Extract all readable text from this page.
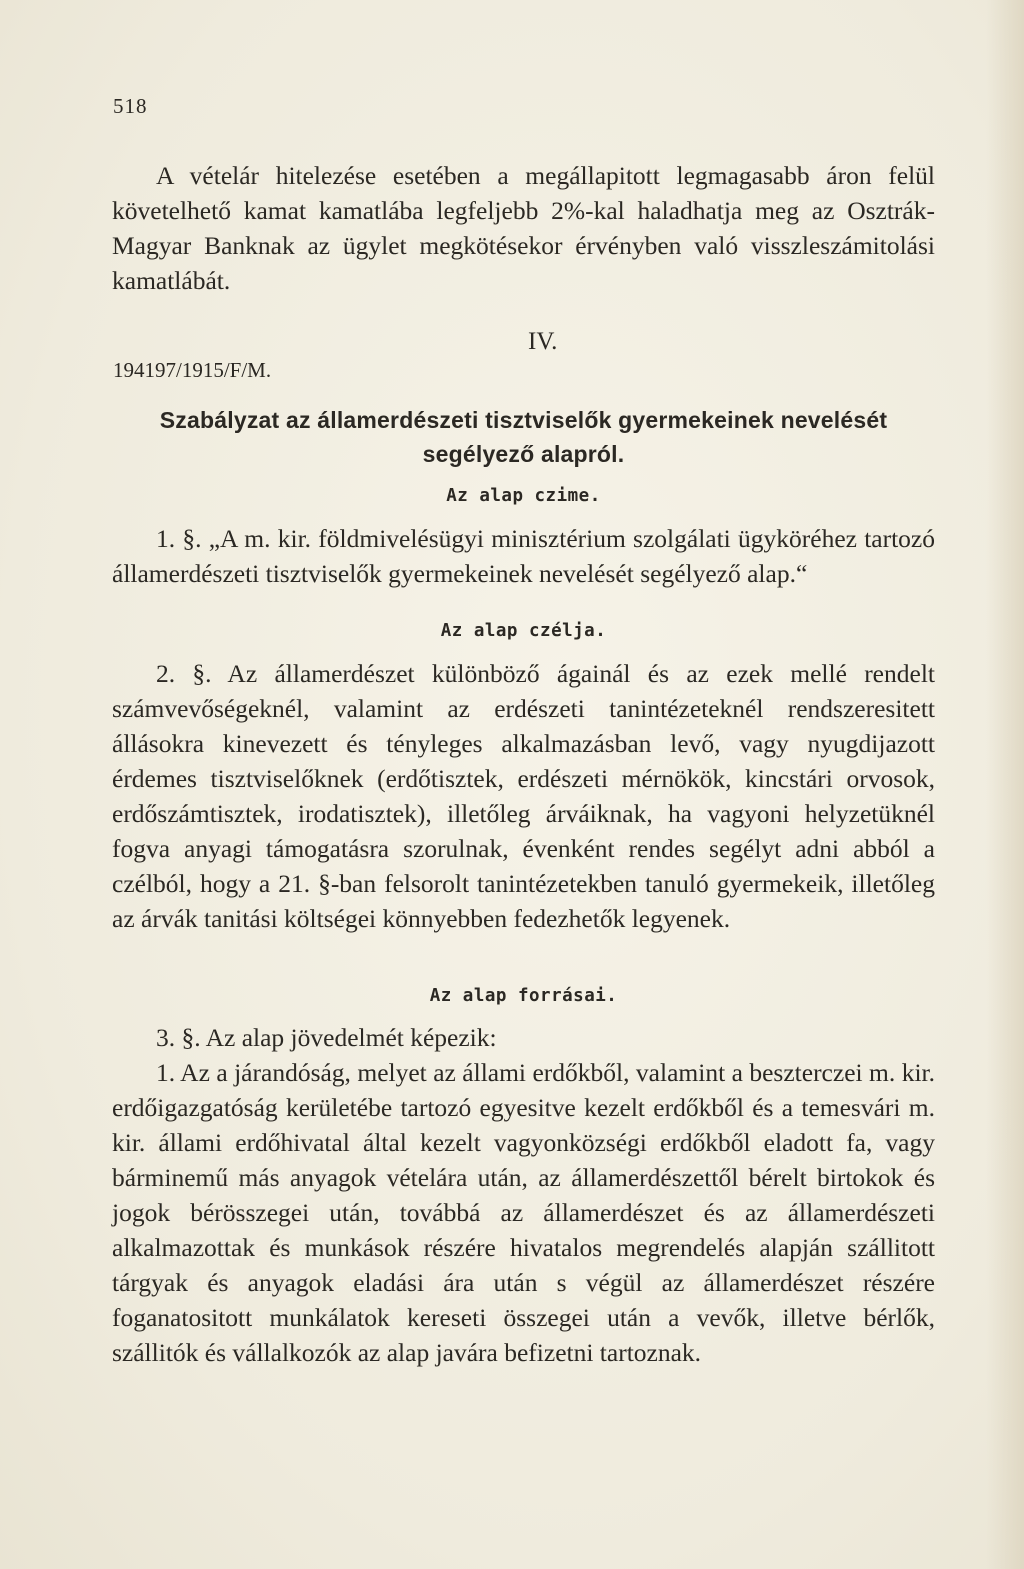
518

A vételár hitelezése esetében a megállapitott legmagasabb áron felül követelhető kamat kamatlába legfeljebb 2%-kal haladhatja meg az Osztrák-Magyar Banknak az ügylet megkötésekor érvényben való visszleszámitolási kamatlábát.

IV.
194197/1915/F/M.
Szabályzat az államerdészeti tisztviselők gyermekeinek nevelését segélyező alapról.
Az alap czime.

1. §. „A m. kir. földmivelésügyi minisztérium szolgálati ügyköréhez tartozó államerdészeti tisztviselők gyermekeinek nevelését segélyező alap.“

Az alap czélja.

2. §. Az államerdészet különböző ágainál és az ezek mellé rendelt számvevőségeknél, valamint az erdészeti tanintézeteknél rendszeresitett állásokra kinevezett és tényleges alkalmazásban levő, vagy nyugdijazott érdemes tisztviselőknek (erdőtisztek, erdészeti mérnökök, kincstári orvosok, erdőszámtisztek, irodatisztek), illetőleg árváiknak, ha vagyoni helyzetüknél fogva anyagi támogatásra szorulnak, évenként rendes segélyt adni abból a czélból, hogy a 21. §-ban felsorolt tanintézetekben tanuló gyermekeik, illetőleg az árvák tanitási költségei könnyebben fedezhetők legyenek.

Az alap forrásai.

3. §. Az alap jövedelmét képezik:

1. Az a járandóság, melyet az állami erdőkből, valamint a beszterczei m. kir. erdőigazgatóság kerületébe tartozó egyesitve kezelt erdőkből és a temesvári m. kir. állami erdőhivatal által kezelt vagyonközségi erdőkből eladott fa, vagy bárminemű más anyagok vételára után, az államerdészettől bérelt birtokok és jogok bérösszegei után, továbbá az államerdészet és az államerdészeti alkalmazottak és munkások részére hivatalos megrendelés alapján szállitott tárgyak és anyagok eladási ára után s végül az államerdészet részére foganatositott munkálatok kereseti összegei után a vevők, illetve bérlők, szállitók és vállalkozók az alap javára befizetni tartoznak.
